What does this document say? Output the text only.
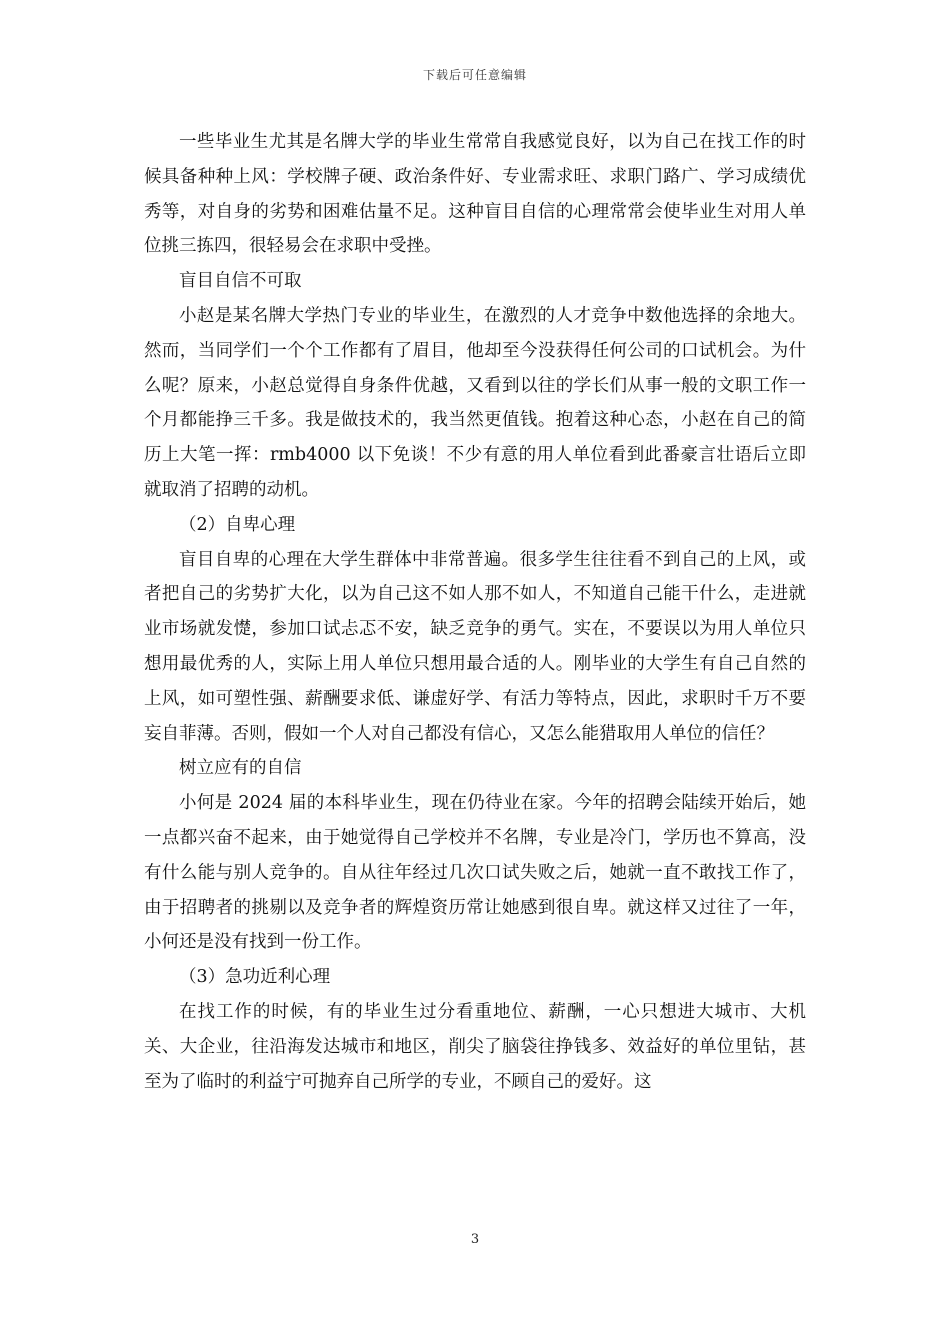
下载后可任意编辑

一些毕业生尤其是名牌大学的毕业生常常自我感觉良好，以为自己在找工作的时候具备种种上风：学校牌子硬、政治条件好、专业需求旺、求职门路广、学习成绩优秀等，对自身的劣势和困难估量不足。这种盲目自信的心理常常会使毕业生对用人单位挑三拣四，很轻易会在求职中受挫。

盲目自信不可取

小赵是某名牌大学热门专业的毕业生，在激烈的人才竞争中数他选择的余地大。然而，当同学们一个个工作都有了眉目，他却至今没获得任何公司的口试机会。为什么呢？原来，小赵总觉得自身条件优越，又看到以往的学长们从事一般的文职工作一个月都能挣三千多。我是做技术的，我当然更值钱。抱着这种心态，小赵在自己的简历上大笔一挥：rmb4000 以下免谈！不少有意的用人单位看到此番豪言壮语后立即就取消了招聘的动机。

（2）自卑心理

盲目自卑的心理在大学生群体中非常普遍。很多学生往往看不到自己的上风，或者把自己的劣势扩大化，以为自己这不如人那不如人，不知道自己能干什么，走进就业市场就发憷，参加口试忐忑不安，缺乏竞争的勇气。实在，不要误以为用人单位只想用最优秀的人，实际上用人单位只想用最合适的人。刚毕业的大学生有自己自然的上风，如可塑性强、薪酬要求低、谦虚好学、有活力等特点，因此，求职时千万不要妄自菲薄。否则，假如一个人对自己都没有信心，又怎么能猎取用人单位的信任？

树立应有的自信

小何是 2024 届的本科毕业生，现在仍待业在家。今年的招聘会陆续开始后，她一点都兴奋不起来，由于她觉得自己学校并不名牌，专业是冷门，学历也不算高，没有什么能与别人竞争的。自从往年经过几次口试失败之后，她就一直不敢找工作了，由于招聘者的挑剔以及竞争者的辉煌资历常让她感到很自卑。就这样又过往了一年，小何还是没有找到一份工作。

（3）急功近利心理

在找工作的时候，有的毕业生过分看重地位、薪酬，一心只想进大城市、大机关、大企业，往沿海发达城市和地区，削尖了脑袋往挣钱多、效益好的单位里钻，甚至为了临时的利益宁可抛弃自己所学的专业，不顾自己的爱好。这

3
